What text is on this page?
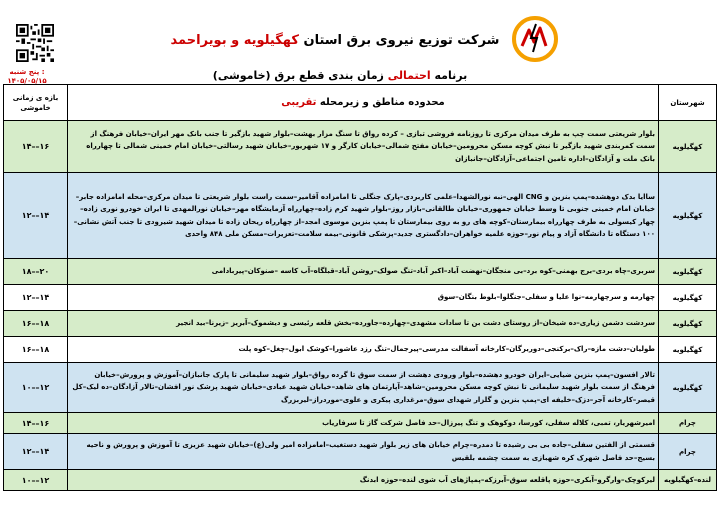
شرکت توزیع نیروی برق استان کهگیلویه و بویراحمد
برنامه احتمالی زمان بندی قطع برق (خاموشی)
پنج شنبه :
۱۴۰۵/۰۵/۱۵
شهرستان	محدوده مناطق و زیرمحله تقریبی	بازه ی زمانی خاموشی
کهگیلویه	بلوار شریعتی سمت چپ به طرف میدان مرکزی تا روزنامه فروشی تبازی – کرده رواق تا سنگ مزار بهشت–بلوار شهید بازگیر تا جنب بانک مهر ایران–خیابان فرهنگ از سمت کمربندی شهید بازگیر تا نبش کوچه مسکن محرومین–خیابان مفتح شمالی–خیابان کارگر و ۱۷ شهریور–خیابان شهید رسالتی–خیابان امام خمینی شمالی تا چهارراه بانک ملت و آزادگان–اداره تامین اجتماعی–آزادگان–جانبازان	۱۴––۱۶
کهگیلویه	ساایا بدک دوهشده–پمپ بنزین و CNG الهی–نبه نورالشهدا–علمی کاربردی–پارک جنگلی تا امامزاده آقامیر–سمت راست بلوار شریعتی تا میدان مرکزی–محله امامزاده جابر–خیابان امام خمینی جنوبی تا وسط خیابان جمهوری–خیابان طالقانی–بازار روز–بلوار شهید کرم زاده–چهارراه آزمایشگاه مهر–خیابان نورالمهدی تا ایران خودرو نوری زاده– چهار کیسولی به طرف چهارراه بیمارستان–کوچه های رو به روی بیمارستان تا پمپ بنزین موسوی امجد–از چهارراه ریحان زاده تا میدان شهید شیرودی تا جنب آتش نشانی–۱۰۰ دستگاه تا دانشگاه آزاد و پیام نور–حوزه علمیه خواهران–دادگستری جدید–پزشکی قانونی–بیمه سلامت–تعزیرات–مسکن ملی ۸۴۸ واحدی	۱۲––۱۴
کهگیلویه	سربری–چاه بردی–برج بهمنی–کوه برد–بی منجگان–نهضت آباد–اکبر آباد–تنگ صولک–روشن آباد–قبلگاه–آب کاسه –صنوکان–پیربادامی	۱۸––۲۰
کهگیلویه	چهارمه و سرچهارمه–نوا علیا و سفلی–جنگلوا–بلوط بنگان–سوق	۱۲––۱۴
کهگیلویه	سردشت دشمن زیاری–ده شیخان–از روستای دشت بن تا سادات مشهدی–چهارده–جاورده–بخش قلعه رئیسی و دیشموک–آبریز –زیرنا–بید انجیر	۱۶––۱۸
کهگیلویه	طولیان–دشت مازه–راک–برکنجی–دوربرگان–کارخانه آسفالت مدرسی–پیرجمال–تنگ رزد عاشورا–کوشک ابول–چغل–کوه پلت	۱۶––۱۸
کهگیلویه	تالار افسون–پمپ بنزین ضیایی–ایران خودرو دهشده–بلوار ورودی دهشت از سمت سوق تا گرده رواق–بلوار شهید سلیمانی تا پارک جانبازان–آموزش و پرورش–خیابان فرهنگ از سمت بلوار شهید سلیمانی تا نبش کوچه مسکن محرومین–شاهد–آپارتمان های شاهد–خیابان شهید عبادی–خیابان شهید پزشک نور افشان–تالار آزادگان–ده لیک–کل قیصر–کارخانه آجر–دزک–خلیفه ای–پمپ بنزین و گلزار شهدای سوق–مرغداری پیکری و علوی–موردراز–لیربزرگ	۱۰––۱۲
چرام	امیرشهریار، تمبی، کلاله سفلی، کورسا، دوکوهک و تنگ پیرزال–حد فاصل شرکت گاز تا سرفاریاب	۱۴––۱۶
چرام	قسمتی از الفتین سفلی–جاده بی بی رشیده تا دمدره–چرام خیابان های زیر بلوار شهید دستغیب–امامزاده امیر ولی(ع)–خیابان شهید عزیزی تا آموزش و پرورش و ناحیه بسیج–حد فاصل شهرک کره شهبازی به سمت چشمه بلقیس	۱۲––۱۴
لنده–کهگیلویه	لیرکوچک–وارگرو–آبکری–حوزه پاقلعه سوق–آبرزکه–پمپاژهای آب شوی لنده–حوزه ابدنگ	۱۰––۱۲
